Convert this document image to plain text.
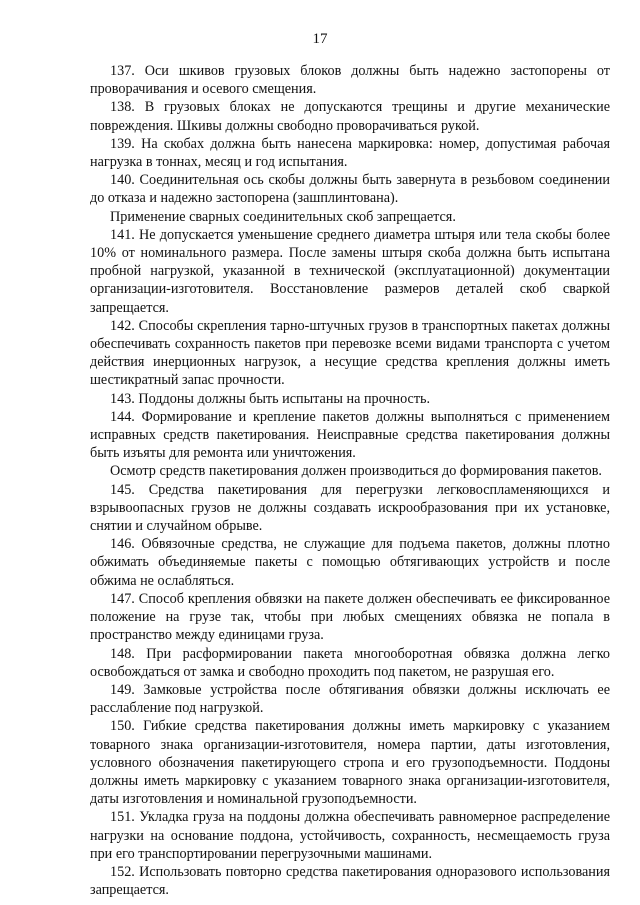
17

137. Оси шкивов грузовых блоков должны быть надежно застопорены от проворачивания и осевого смещения.

138. В грузовых блоках не допускаются трещины и другие механические повреждения. Шкивы должны свободно проворачиваться рукой.

139. На скобах должна быть нанесена маркировка: номер, допустимая рабочая нагрузка в тоннах, месяц и год испытания.

140. Соединительная ось скобы должны быть завернута в резьбовом соединении до отказа и надежно застопорена (зашплинтована).

Применение сварных соединительных скоб запрещается.

141. Не допускается уменьшение среднего диаметра штыря или тела скобы более 10% от номинального размера. После замены штыря скоба должна быть испытана пробной нагрузкой, указанной в технической (эксплуатационной) документации организации-изготовителя. Восстановление размеров деталей скоб сваркой запрещается.

142. Способы скрепления тарно-штучных грузов в транспортных пакетах должны обеспечивать сохранность пакетов при перевозке всеми видами транспорта с учетом действия инерционных нагрузок, а несущие средства крепления должны иметь шестикратный запас прочности.

143. Поддоны должны быть испытаны на прочность.

144. Формирование и крепление пакетов должны выполняться с применением исправных средств пакетирования. Неисправные средства пакетирования должны быть изъяты для ремонта или уничтожения.

Осмотр средств пакетирования должен производиться до формирования пакетов.

145. Средства пакетирования для перегрузки легковоспламеняющихся и взрывоопасных грузов не должны создавать искрообразования при их установке, снятии и случайном обрыве.

146. Обвязочные средства, не служащие для подъема пакетов, должны плотно обжимать объединяемые пакеты с помощью обтягивающих устройств и после обжима не ослабляться.

147. Способ крепления обвязки на пакете должен обеспечивать ее фиксированное положение на грузе так, чтобы при любых смещениях обвязка не попала в пространство между единицами груза.

148. При расформировании пакета многооборотная обвязка должна легко освобождаться от замка и свободно проходить под пакетом, не разрушая его.

149. Замковые устройства после обтягивания обвязки должны исключать ее расслабление под нагрузкой.

150. Гибкие средства пакетирования должны иметь маркировку с указанием товарного знака организации-изготовителя, номера партии, даты изготовления, условного обозначения пакетирующего стропа и его грузоподъемности. Поддоны должны иметь маркировку с указанием товарного знака организации-изготовителя, даты изготовления и номинальной грузоподъемности.

151. Укладка груза на поддоны должна обеспечивать равномерное распределение нагрузки на основание поддона, устойчивость, сохранность, несмещаемость груза при его транспортировании перегрузочными машинами.

152. Использовать повторно средства пакетирования одноразового использования запрещается.
